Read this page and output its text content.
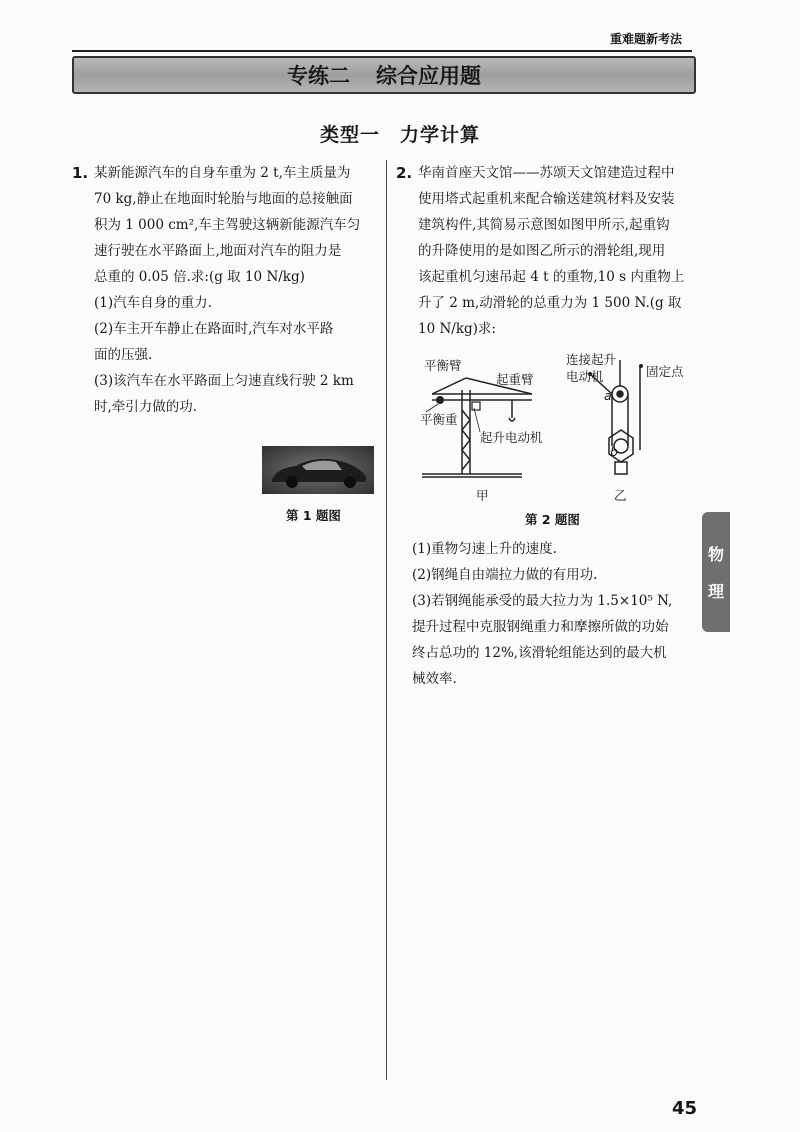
重难题新考法
专练二 综合应用题
类型一　力学计算
1. 某新能源汽车的自身车重为 2 t,车主质量为
70 kg,静止在地面时轮胎与地面的总接触面
积为 1 000 cm²,车主驾驶这辆新能源汽车匀
速行驶在水平路面上,地面对汽车的阻力是
总重的 0.05 倍.求:(g 取 10 N/kg)
(1)汽车自身的重力.
(2)车主开车静止在路面时,汽车对水平路
面的压强.
(3)该汽车在水平路面上匀速直线行驶 2 km
时,牵引力做的功.
第 1 题图
2. 华南首座天文馆——苏颂天文馆建造过程中
使用塔式起重机来配合输送建筑材料及安装
建筑构件,其简易示意图如图甲所示,起重钩
的升降使用的是如图乙所示的滑轮组,现用
该起重机匀速吊起 4 t 的重物,10 s 内重物上
升了 2 m,动滑轮的总重力为 1 500 N.(g 取
10 N/kg)求:
平衡臂
起重臂
平衡重
起升电动机
连接起升
电动机	固定点
a
b
甲	乙
第 2 题图
(1)重物匀速上升的速度.
(2)钢绳自由端拉力做的有用功.
(3)若钢绳能承受的最大拉力为 1.5×10⁵ N,
提升过程中克服钢绳重力和摩擦所做的功始
终占总功的 12%,该滑轮组能达到的最大机
械效率.
物
理
45
